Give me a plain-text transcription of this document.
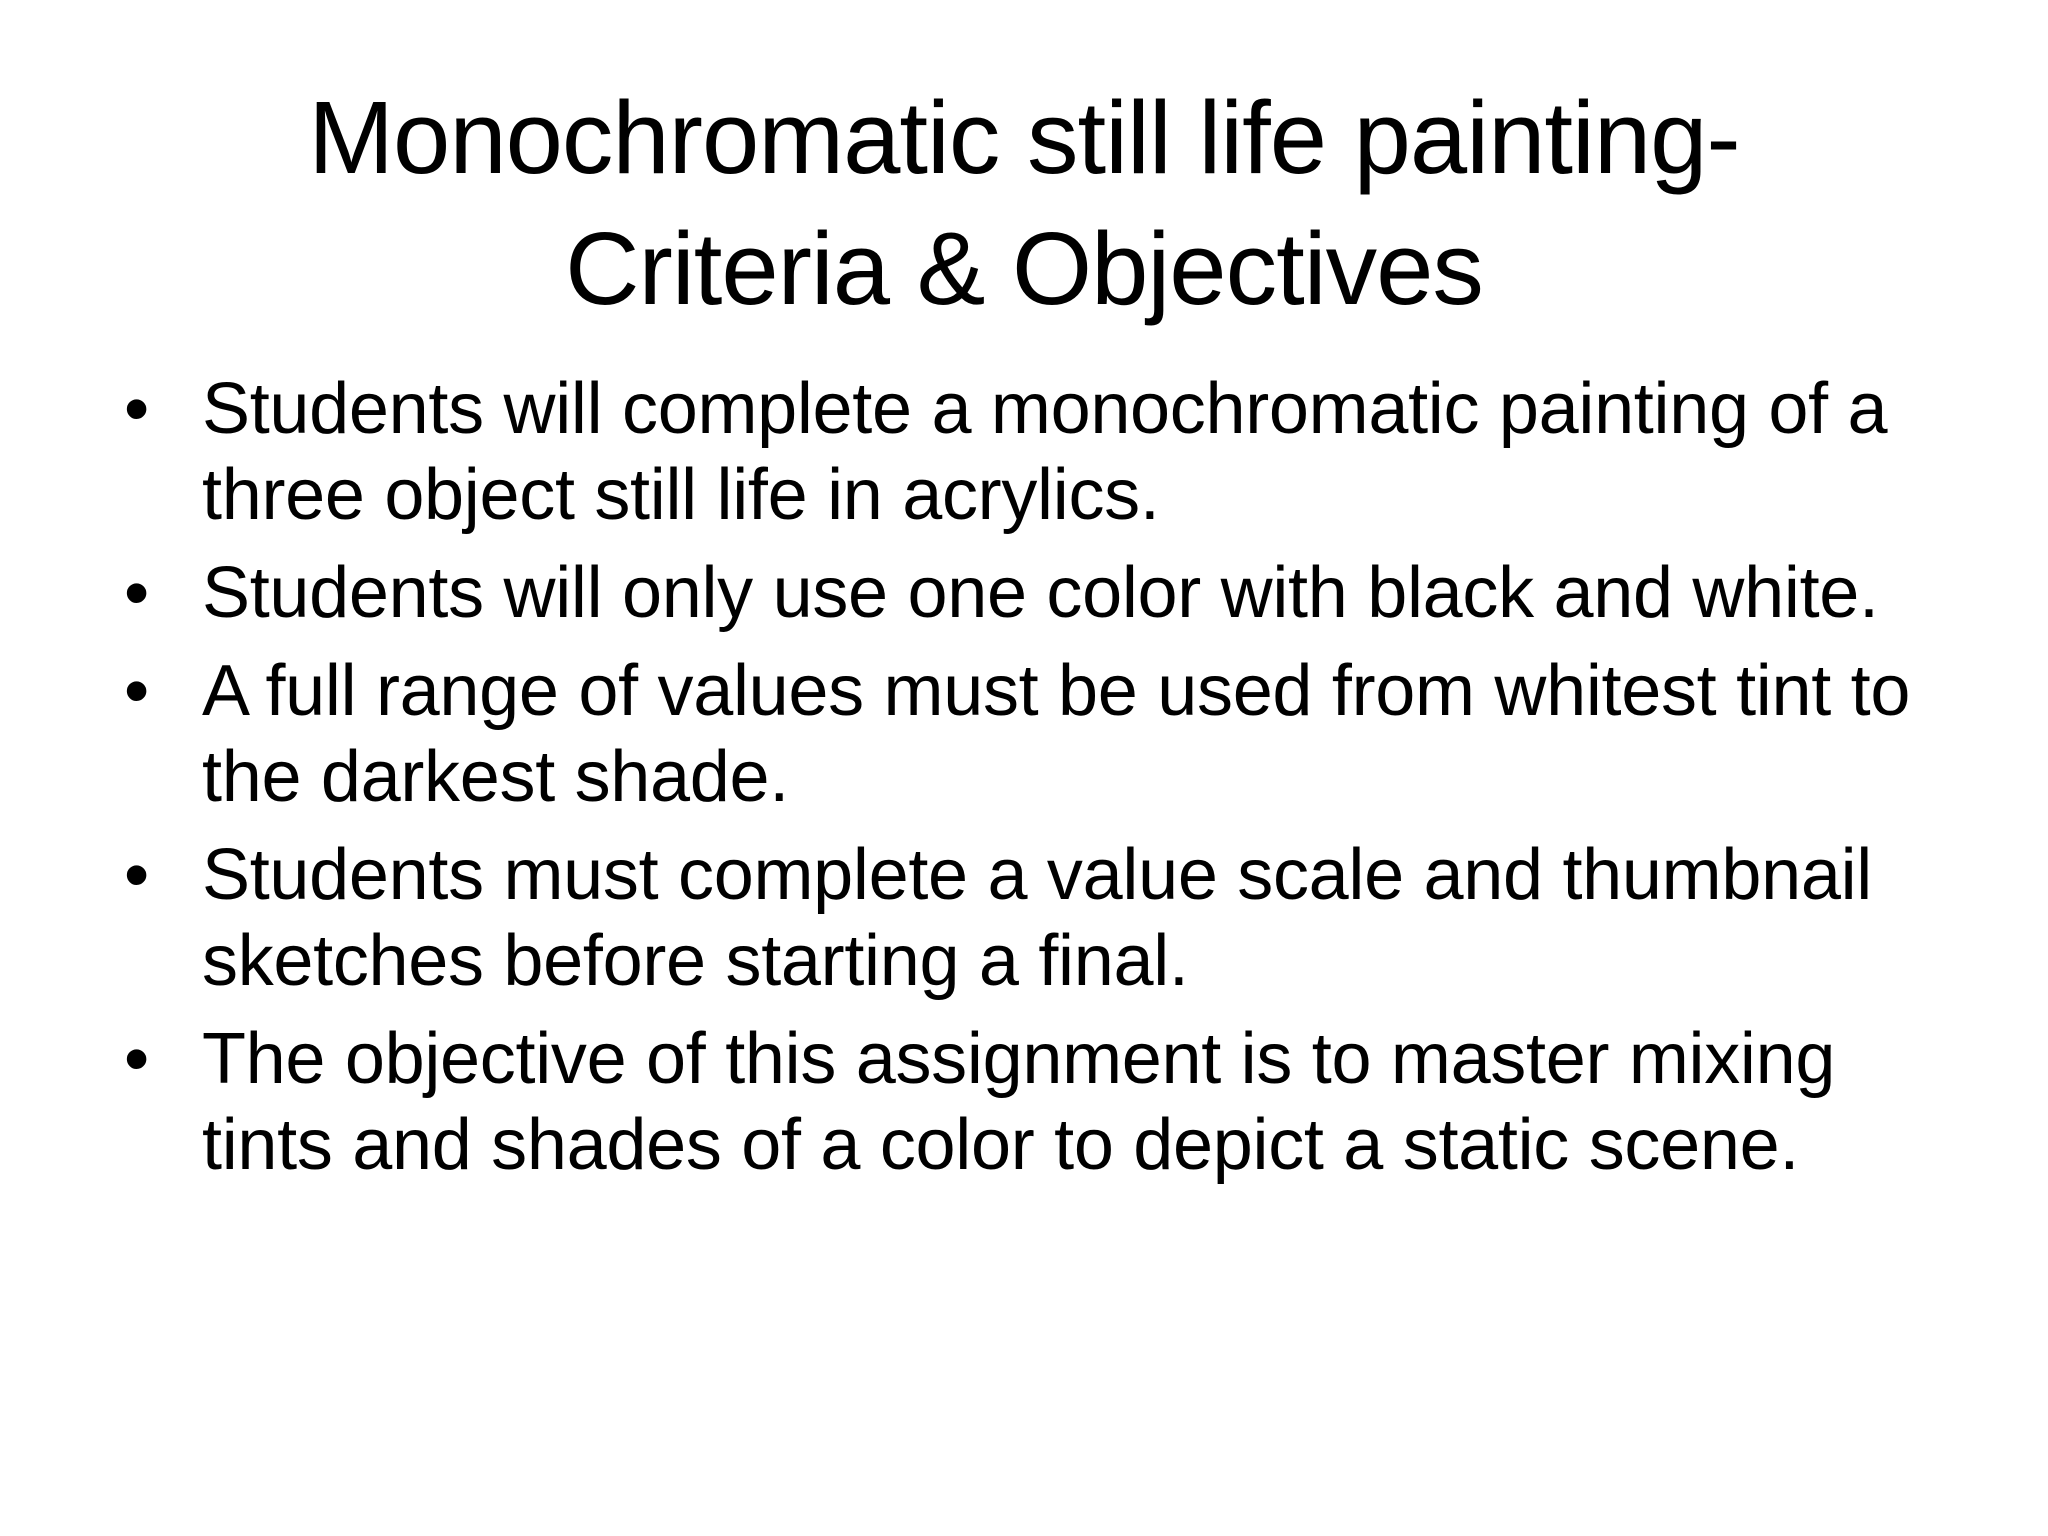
Monochromatic still life painting-
Criteria & Objectives
• Students will complete a monochromatic painting of a three object still life in acrylics.
• Students will only use one color with black and white.
• A full range of values must be used from whitest tint to the darkest shade.
• Students must complete a value scale and thumbnail sketches before starting a final.
• The objective of this assignment is to master mixing tints and shades of a color to depict a static scene.
